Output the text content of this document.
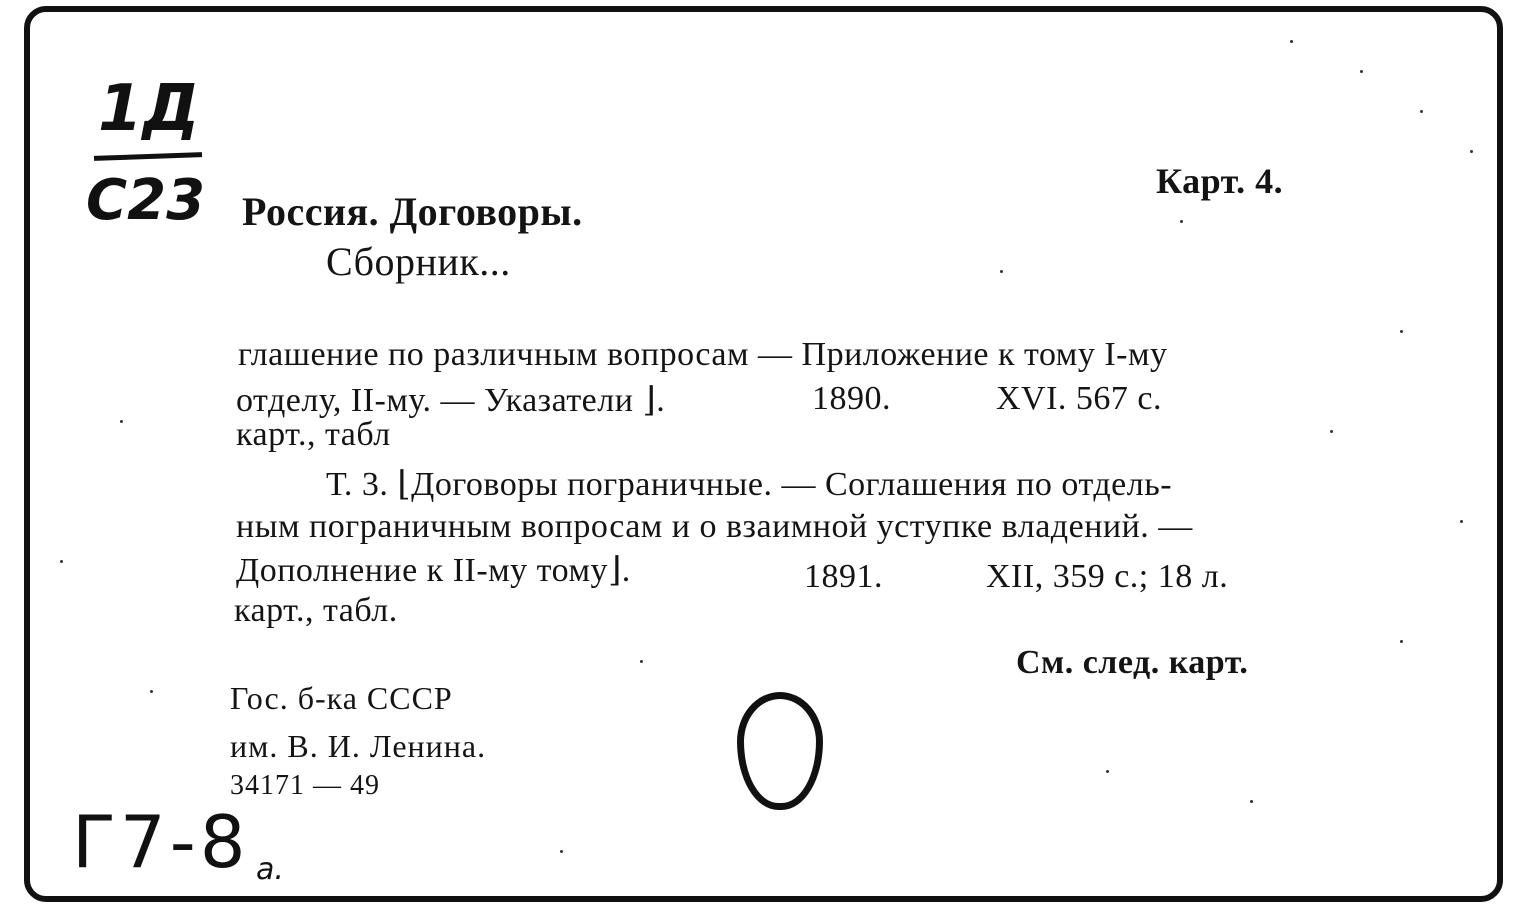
1Д
C23	Карт. 4.
Россия. Договоры.
Сборник...
глашение по различным вопросам — Приложение к тому I-му
отделу, II-му. — Указатели ⌋.	1890.	XVI. 567 с.
карт., табл
Т. 3. ⌊Договоры пограничные. — Соглашения по отдель-
ным пограничным вопросам и о взаимной уступке владений. —
Дополнение к II-му тому⌋.	1891.	XII, 359 с.; 18 л.
карт., табл.
См. след. карт.
Гос. б-ка СССР
им. В. И. Ленина.
34171 — 49
Г7-8 а.
